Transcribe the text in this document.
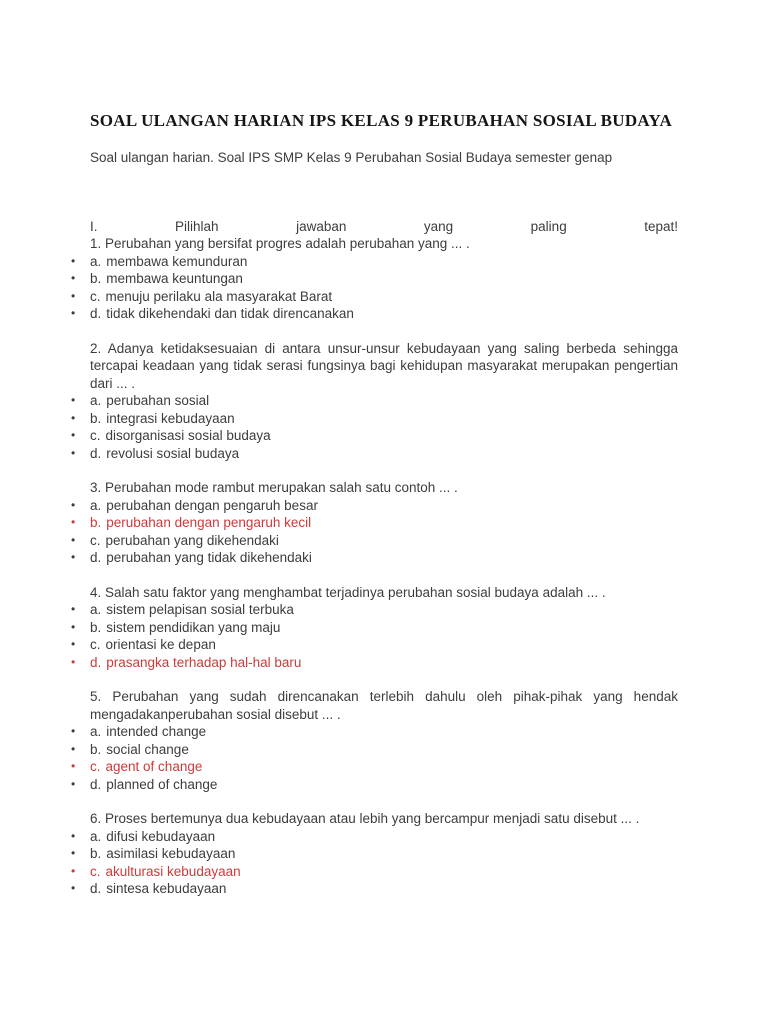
SOAL ULANGAN HARIAN IPS KELAS 9 PERUBAHAN SOSIAL BUDAYA

Soal ulangan harian. Soal IPS SMP Kelas 9 Perubahan Sosial Budaya semester genap

I. Pilihlah jawaban yang paling tepat!

1. Perubahan yang bersifat progres adalah perubahan yang ... .

•	a. membawa kemunduran
•	b. membawa keuntungan
•	c. menuju perilaku ala masyarakat Barat
•	d. tidak dikehendaki dan tidak direncanakan

2. Adanya ketidaksesuaian di antara unsur-unsur kebudayaan yang saling berbeda sehingga tercapai keadaan yang tidak serasi fungsinya bagi kehidupan masyarakat merupakan pengertian dari ... .

•	a. perubahan sosial
•	b. integrasi kebudayaan
•	c. disorganisasi sosial budaya
•	d. revolusi sosial budaya

3. Perubahan mode rambut merupakan salah satu contoh ... .

•	a. perubahan dengan pengaruh besar
•	b. perubahan dengan pengaruh kecil
•	c. perubahan yang dikehendaki
•	d. perubahan yang tidak dikehendaki

4. Salah satu faktor yang menghambat terjadinya perubahan sosial budaya adalah ... .

•	a. sistem pelapisan sosial terbuka
•	b. sistem pendidikan yang maju
•	c. orientasi ke depan
•	d. prasangka terhadap hal-hal baru

5. Perubahan yang sudah direncanakan terlebih dahulu oleh pihak-pihak yang hendak mengadakanperubahan sosial disebut ... .

•	a. intended change
•	b. social change
•	c. agent of change
•	d. planned of change

6. Proses bertemunya dua kebudayaan atau lebih yang bercampur menjadi satu disebut ... .

•	a. difusi kebudayaan
•	b. asimilasi kebudayaan
•	c. akulturasi kebudayaan
•	d. sintesa kebudayaan
